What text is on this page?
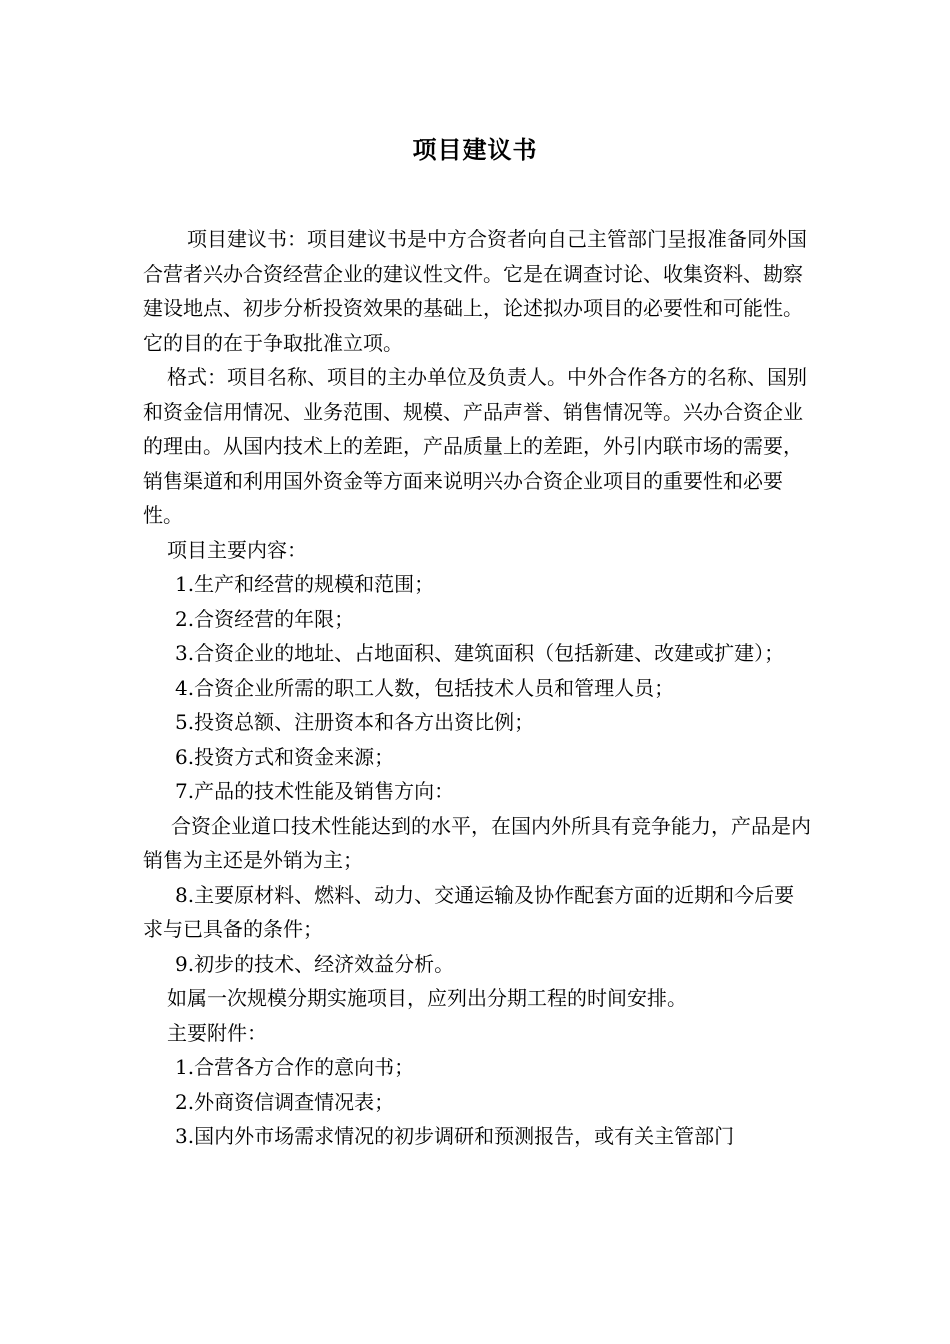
项目建议书

项目建议书：项目建议书是中方合资者向自己主管部门呈报准备同外国合营者兴办合资经营企业的建议性文件。它是在调查讨论、收集资料、勘察建设地点、初步分析投资效果的基础上，论述拟办项目的必要性和可能性。它的目的在于争取批准立项。

格式：项目名称、项目的主办单位及负责人。中外合作各方的名称、国别和资金信用情况、业务范围、规模、产品声誉、销售情况等。兴办合资企业的理由。从国内技术上的差距，产品质量上的差距，外引内联市场的需要，销售渠道和利用国外资金等方面来说明兴办合资企业项目的重要性和必要性。

项目主要内容：

1.生产和经营的规模和范围；

2.合资经营的年限；

3.合资企业的地址、占地面积、建筑面积（包括新建、改建或扩建）；

4.合资企业所需的职工人数，包括技术人员和管理人员；

5.投资总额、注册资本和各方出资比例；

6.投资方式和资金来源；

7.产品的技术性能及销售方向：

合资企业道口技术性能达到的水平，在国内外所具有竞争能力，产品是内销售为主还是外销为主；

8.主要原材料、燃料、动力、交通运输及协作配套方面的近期和今后要求与已具备的条件；

9.初步的技术、经济效益分析。

如属一次规模分期实施项目，应列出分期工程的时间安排。

主要附件：

1.合营各方合作的意向书；

2.外商资信调查情况表；

3.国内外市场需求情况的初步调研和预测报告，或有关主管部门
